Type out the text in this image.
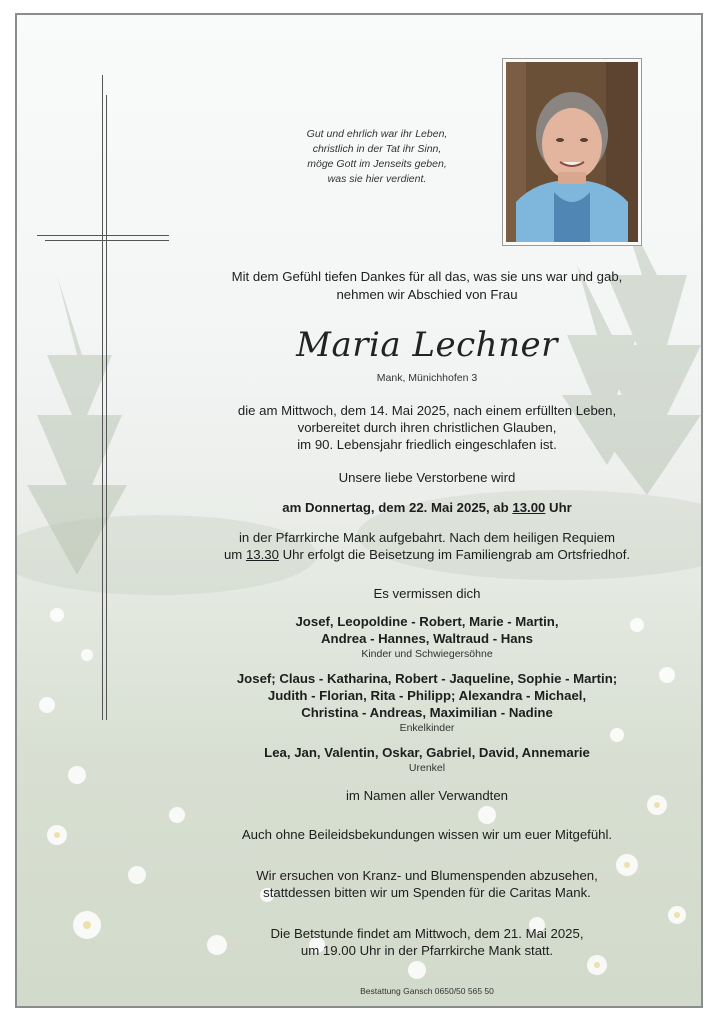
Gut und ehrlich war ihr Leben,
christlich in der Tat ihr Sinn,
möge Gott im Jenseits geben,
was sie hier verdient.
Mit dem Gefühl tiefen Dankes für all das, was sie uns war und gab,
nehmen wir Abschied von Frau
Maria Lechner
Mank, Münichhofen 3
die am Mittwoch, dem 14. Mai 2025, nach einem erfüllten Leben,
vorbereitet durch ihren christlichen Glauben,
im 90. Lebensjahr friedlich eingeschlafen ist.
Unsere liebe Verstorbene wird
am Donnertag, dem 22. Mai 2025, ab 13.00 Uhr
in der Pfarrkirche Mank aufgebahrt. Nach dem heiligen Requiem
um 13.30 Uhr erfolgt die Beisetzung im Familiengrab am Ortsfriedhof.
Es vermissen dich
Josef, Leopoldine - Robert, Marie - Martin,
Andrea - Hannes, Waltraud - Hans
Kinder und Schwiegersöhne
Josef; Claus - Katharina, Robert - Jaqueline, Sophie - Martin;
Judith - Florian, Rita - Philipp; Alexandra - Michael,
Christina - Andreas, Maximilian - Nadine
Enkelkinder
Lea, Jan, Valentin, Oskar, Gabriel, David, Annemarie
Urenkel
im Namen aller Verwandten
Auch ohne Beileidsbekundungen wissen wir um euer Mitgefühl.
Wir ersuchen von Kranz- und Blumenspenden abzusehen,
stattdessen bitten wir um Spenden für die Caritas Mank.
Die Betstunde findet am Mittwoch, dem 21. Mai 2025,
um 19.00 Uhr in der Pfarrkirche Mank statt.
Bestattung Gansch 0650/50 565 50
